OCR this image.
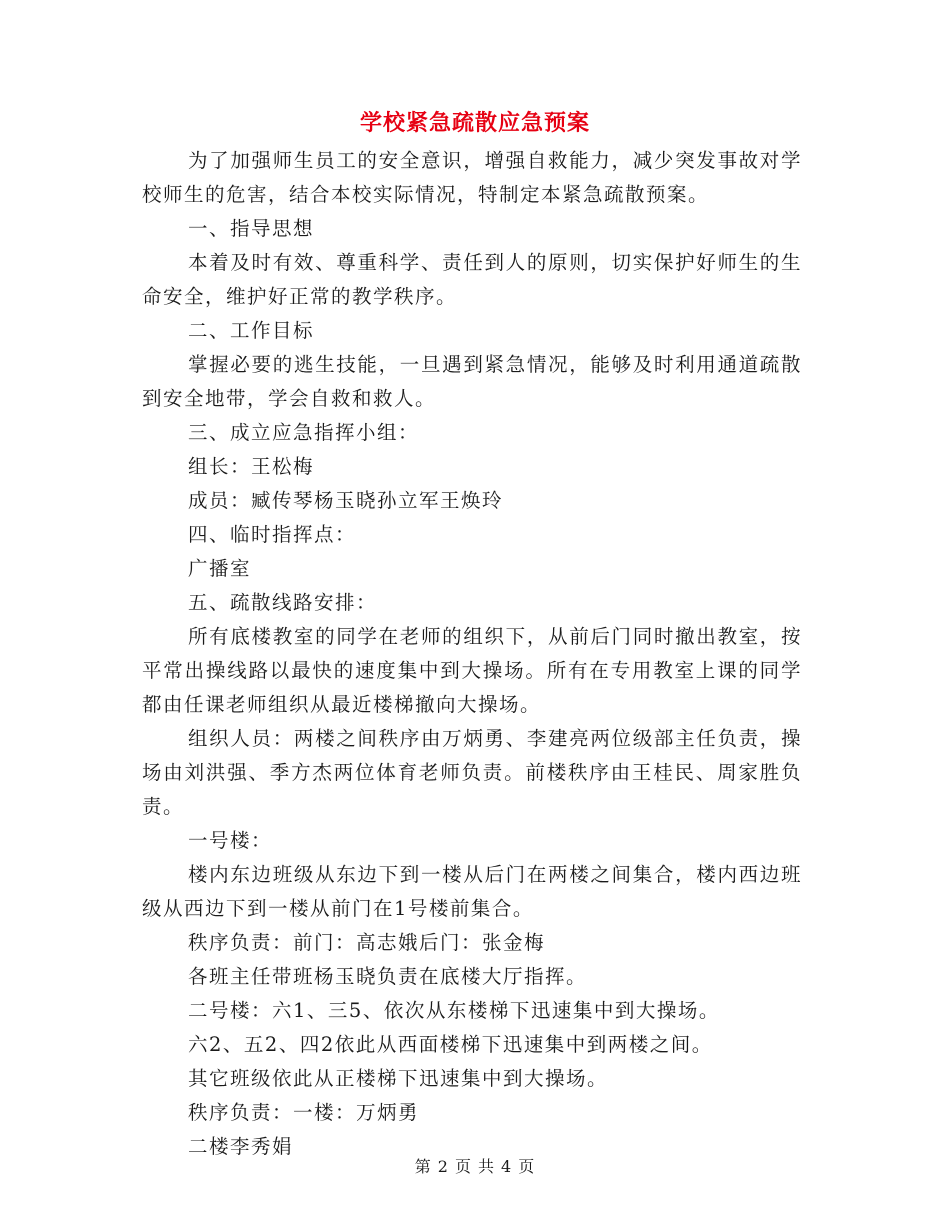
学校紧急疏散应急预案

为了加强师生员工的安全意识，增强自救能力，减少突发事故对学校师生的危害，结合本校实际情况，特制定本紧急疏散预案。

一、指导思想

本着及时有效、尊重科学、责任到人的原则，切实保护好师生的生命安全，维护好正常的教学秩序。

二、工作目标

掌握必要的逃生技能，一旦遇到紧急情况，能够及时利用通道疏散到安全地带，学会自救和救人。

三、成立应急指挥小组：

组长：王松梅

成员：臧传琴杨玉晓孙立军王焕玲

四、临时指挥点：

广播室

五、疏散线路安排：

所有底楼教室的同学在老师的组织下，从前后门同时撤出教室，按平常出操线路以最快的速度集中到大操场。所有在专用教室上课的同学都由任课老师组织从最近楼梯撤向大操场。

组织人员：两楼之间秩序由万炳勇、李建亮两位级部主任负责，操场由刘洪强、季方杰两位体育老师负责。前楼秩序由王桂民、周家胜负责。

一号楼：

楼内东边班级从东边下到一楼从后门在两楼之间集合，楼内西边班级从西边下到一楼从前门在1号楼前集合。

秩序负责：前门：高志娥后门：张金梅

各班主任带班杨玉晓负责在底楼大厅指挥。

二号楼：六1、三5、依次从东楼梯下迅速集中到大操场。

六2、五2、四2依此从西面楼梯下迅速集中到两楼之间。

其它班级依此从正楼梯下迅速集中到大操场。

秩序负责：一楼：万炳勇

二楼李秀娟

第 2 页 共 4 页
